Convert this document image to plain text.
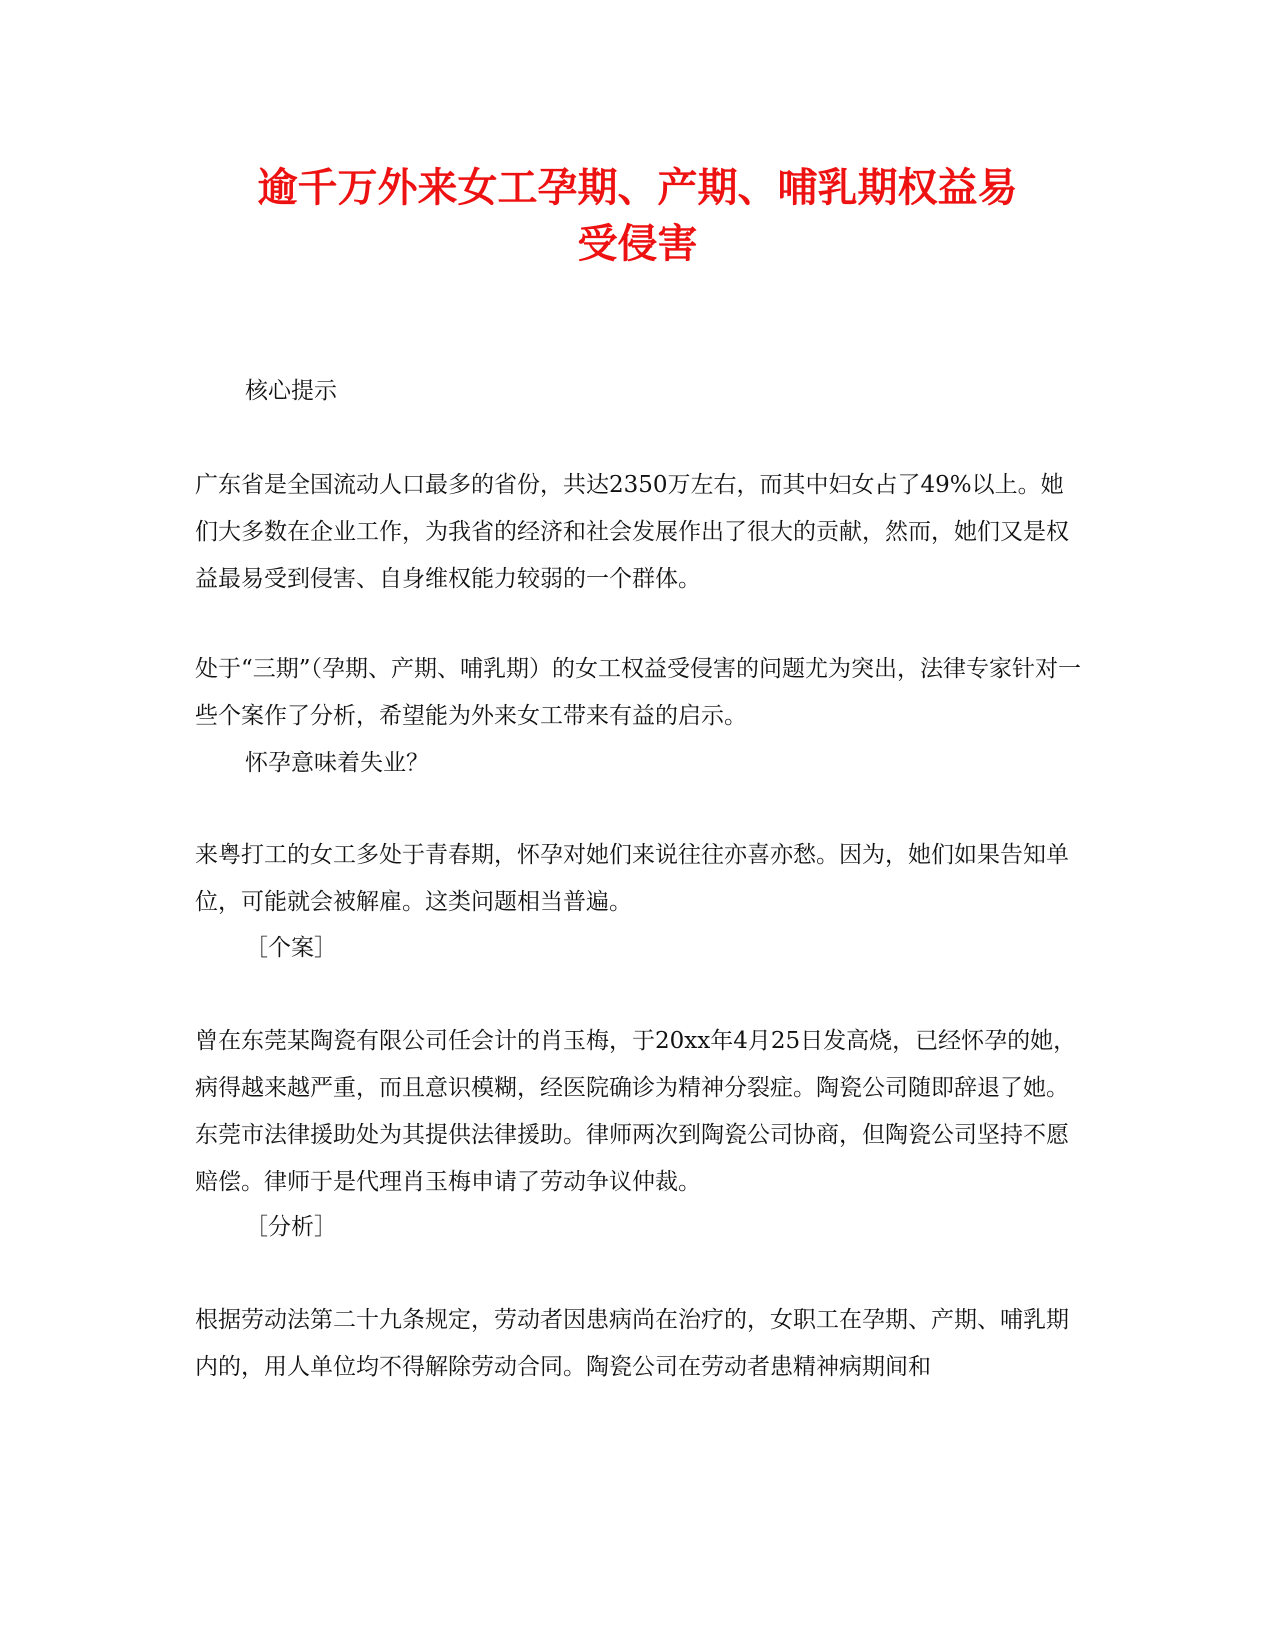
逾千万外来女工孕期、产期、哺乳期权益易
受侵害

核心提示

广东省是全国流动人口最多的省份，共达2350万左右，而其中妇女占了49%以上。她们大多数在企业工作，为我省的经济和社会发展作出了很大的贡献，然而，她们又是权益最易受到侵害、自身维权能力较弱的一个群体。

处于“三期”（孕期、产期、哺乳期）的女工权益受侵害的问题尤为突出，法律专家针对一些个案作了分析，希望能为外来女工带来有益的启示。

怀孕意味着失业？

来粤打工的女工多处于青春期，怀孕对她们来说往往亦喜亦愁。因为，她们如果告知单位，可能就会被解雇。这类问题相当普遍。

［个案］

曾在东莞某陶瓷有限公司任会计的肖玉梅，于20xx年4月25日发高烧，已经怀孕的她，病得越来越严重，而且意识模糊，经医院确诊为精神分裂症。陶瓷公司随即辞退了她。东莞市法律援助处为其提供法律援助。律师两次到陶瓷公司协商，但陶瓷公司坚持不愿赔偿。律师于是代理肖玉梅申请了劳动争议仲裁。

［分析］

根据劳动法第二十九条规定，劳动者因患病尚在治疗的，女职工在孕期、产期、哺乳期内的，用人单位均不得解除劳动合同。陶瓷公司在劳动者患精神病期间和
